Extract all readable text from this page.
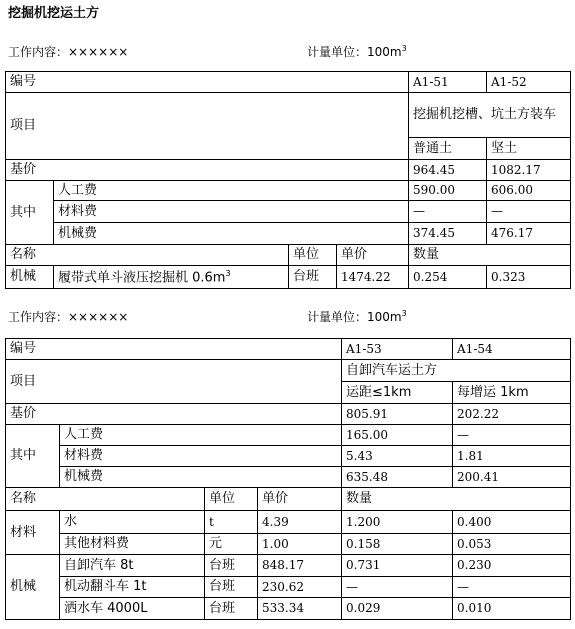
挖掘机挖运土方
工作内容：××××××	计量单位：$100m^3$
编号				A1-51	A1-52
项目				挖掘机挖槽、坑土方装车	
				普通土	坚土
基价				964.45	1082.17
其中	人工费			590.00	606.00
	材料费			—	—
	机械费			374.45	476.17
名称		单位	单价	数量	
机械	履带式单斗液压挖掘机 $0.6m^3$	台班	1474.22	0.254	0.323
工作内容：××××××	计量单位：$100m^3$
编号				A1-53	A1-54
项目				自卸汽车运土方	
				运距≤1km	每增运 1km
基价				805.91	202.22
其中	人工费			165.00	—
	材料费			5.43	1.81
	机械费			635.48	200.41
名称		单位	单价	数量	
材料	水	t	4.39	1.200	0.400
	其他材料费	元	1.00	0.158	0.053
机械	自卸汽车 8t	台班	848.17	0.731	0.230
	机动翻斗车 1t	台班	230.62	—	—
	洒水车 4000L	台班	533.34	0.029	0.010
